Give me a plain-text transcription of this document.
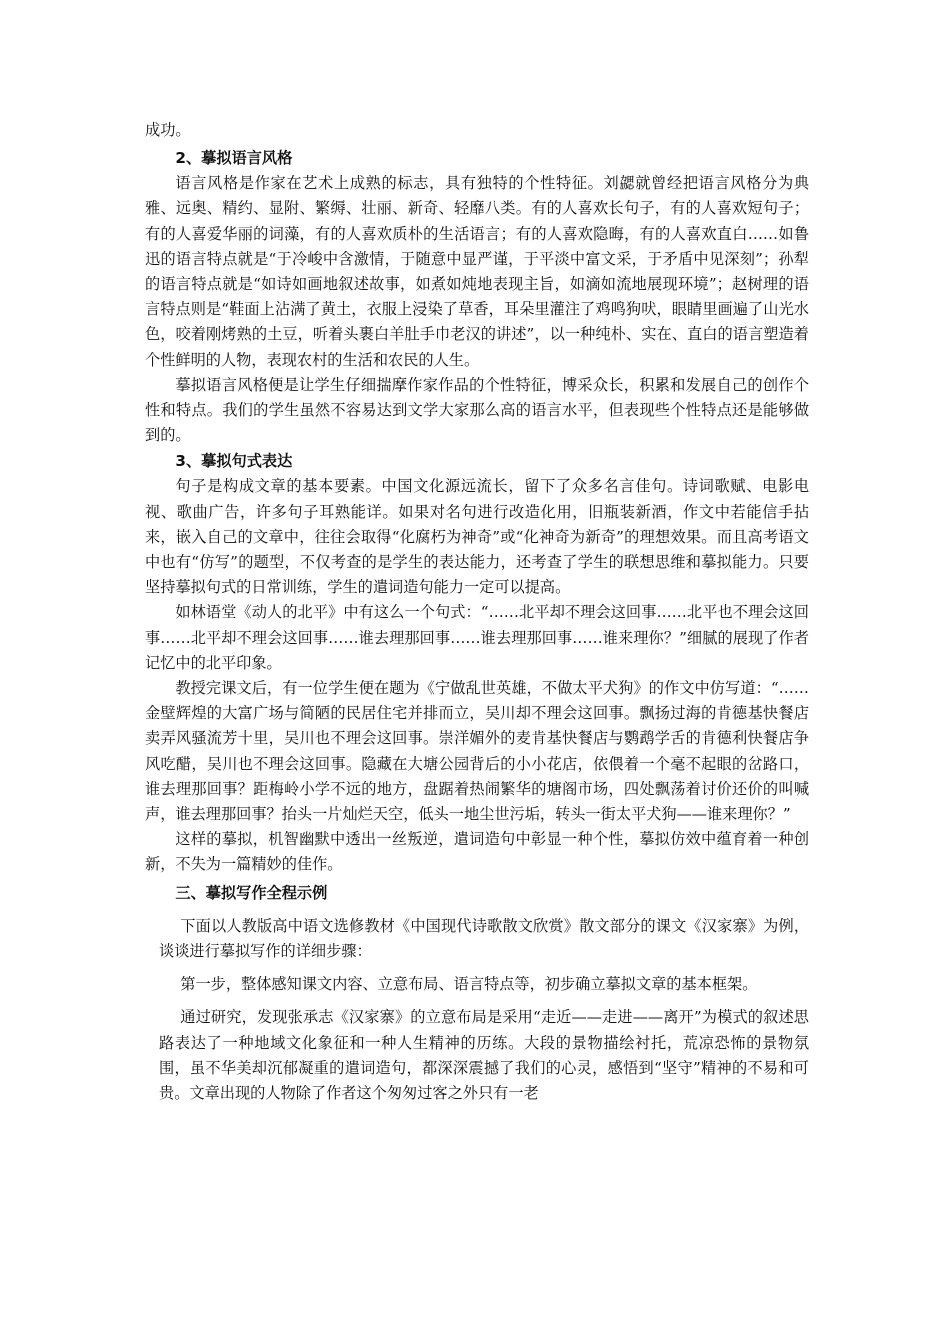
成功。

2、摹拟语言风格

语言风格是作家在艺术上成熟的标志，具有独特的个性特征。刘勰就曾经把语言风格分为典雅、远奥、精约、显附、繁缛、壮丽、新奇、轻靡八类。有的人喜欢长句子，有的人喜欢短句子；有的人喜爱华丽的词藻，有的人喜欢质朴的生活语言；有的人喜欢隐晦，有的人喜欢直白……如鲁迅的语言特点就是“于冷峻中含激情，于随意中显严谨，于平淡中富文采，于矛盾中见深刻”；孙犁的语言特点就是“如诗如画地叙述故事，如煮如炖地表现主旨，如滴如流地展现环境”；赵树理的语言特点则是“鞋面上沾满了黄土，衣服上浸染了草香，耳朵里灌注了鸡鸣狗吠，眼睛里画遍了山光水色，咬着刚烤熟的土豆，听着头裹白羊肚手巾老汉的讲述”，以一种纯朴、实在、直白的语言塑造着个性鲜明的人物，表现农村的生活和农民的人生。

摹拟语言风格便是让学生仔细揣摩作家作品的个性特征，博采众长，积累和发展自己的创作个性和特点。我们的学生虽然不容易达到文学大家那么高的语言水平，但表现些个性特点还是能够做到的。

3、摹拟句式表达

句子是构成文章的基本要素。中国文化源远流长，留下了众多名言佳句。诗词歌赋、电影电视、歌曲广告，许多句子耳熟能详。如果对名句进行改造化用，旧瓶装新酒，作文中若能信手拈来，嵌入自己的文章中，往往会取得“化腐朽为神奇”或“化神奇为新奇”的理想效果。而且高考语文中也有“仿写”的题型，不仅考查的是学生的表达能力，还考查了学生的联想思维和摹拟能力。只要坚持摹拟句式的日常训练，学生的遣词造句能力一定可以提高。

如林语堂《动人的北平》中有这么一个句式：“……北平却不理会这回事……北平也不理会这回事……北平却不理会这回事……谁去理那回事……谁去理那回事……谁来理你？”细腻的展现了作者记忆中的北平印象。

教授完课文后，有一位学生便在题为《宁做乱世英雄，不做太平犬狗》的作文中仿写道：“……金壁辉煌的大富广场与简陋的民居住宅并排而立，吴川却不理会这回事。飘扬过海的肯德基快餐店卖弄风骚流芳十里，吴川也不理会这回事。崇洋媚外的麦肯基快餐店与鹦鹉学舌的肯德利快餐店争风吃醋，吴川也不理会这回事。隐藏在大塘公园背后的小小花店，依偎着一个毫不起眼的岔路口，谁去理那回事？距梅岭小学不远的地方，盘踞着热闹繁华的塘阁市场，四处飘荡着讨价还价的叫喊声，谁去理那回事？抬头一片灿烂天空，低头一地尘世污垢，转头一街太平犬狗——谁来理你？”

这样的摹拟，机智幽默中透出一丝叛逆，遣词造句中彰显一种个性，摹拟仿效中蕴育着一种创新，不失为一篇精妙的佳作。

三、摹拟写作全程示例

下面以人教版高中语文选修教材《中国现代诗歌散文欣赏》散文部分的课文《汉家寨》为例，谈谈进行摹拟写作的详细步骤：

第一步，整体感知课文内容、立意布局、语言特点等，初步确立摹拟文章的基本框架。

通过研究，发现张承志《汉家寨》的立意布局是采用“走近——走进——离开”为模式的叙述思路表达了一种地域文化象征和一种人生精神的历练。大段的景物描绘衬托，荒凉恐怖的景物氛围，虽不华美却沉郁凝重的遣词造句，都深深震撼了我们的心灵，感悟到“坚守”精神的不易和可贵。文章出现的人物除了作者这个匆匆过客之外只有一老
